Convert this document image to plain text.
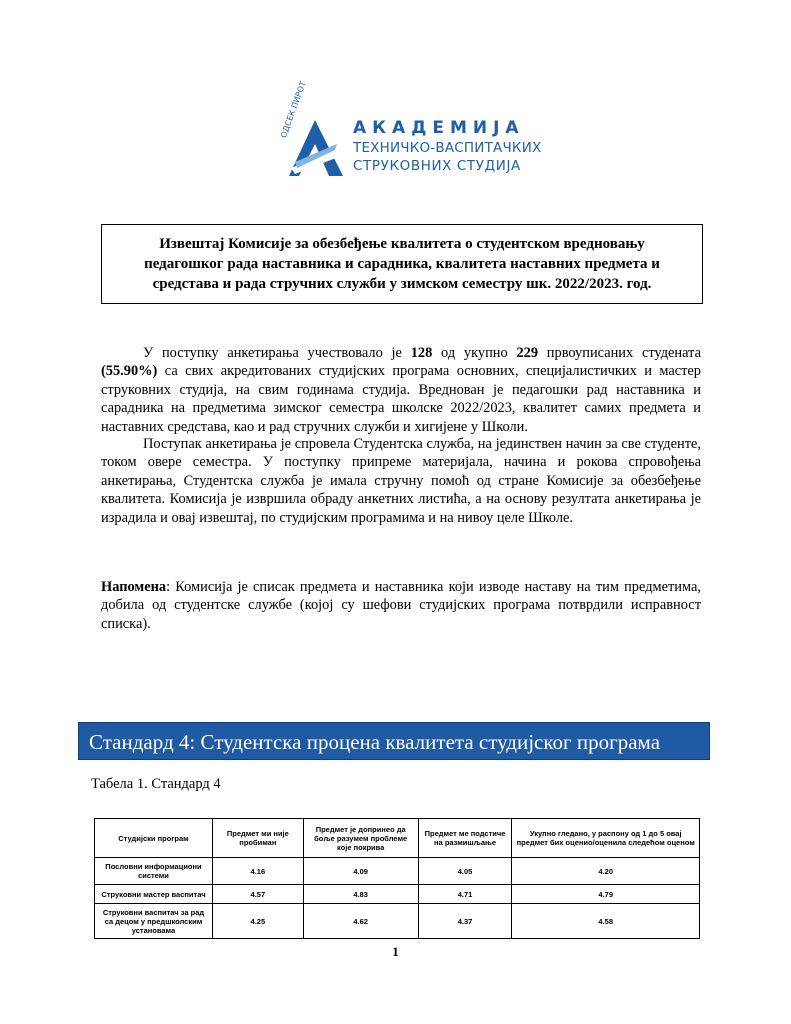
ОДСЕК ПИРОТ	АКАДЕМИЈА
ТЕХНИЧКО-ВАСПИТАЧКИХ
СТРУКОВНИХ СТУДИЈА
Извештај Комисије за обезбеђење квалитета о студентском вредновању педагошког рада наставника и сарадника, квалитета наставних предмета и средстава и рада стручних служби у зимском семестру шк. 2022/2023. год.
У поступку анкетирања учествовало је 128 од укупно 229 првоуписаних студената (55.90%) са свих акредитованих студијских програма основних, специјалистичких и мастер струковних студија, на свим годинама студија. Вреднован је педагошки рад наставника и сарадника на предметима зимског семестра школске 2022/2023, квалитет самих предмета и наставних средстава, као и рад стручних служби и хигијене у Школи.
Поступак анкетирања је спровела Студентска служба, на јединствен начин за све студенте, током овере семестра. У поступку припреме материјала, начина и рокова спровођења анкетирања, Студентска служба је имала стручну помоћ од стране Комисије за обезбеђење квалитета. Комисија је извршила обраду анкетних листића, а на основу резултата анкетирања је израдила и овај извештај, по студијским програмима и на нивоу целе Школе.
Напомена: Комисија је списак предмета и наставника који изводе наставу на тим предметима, добила од студентске службе (којој су шефови студијских програма потврдили исправност списка).
Стандард 4: Студентска процена квалитета студијског програма
Табела 1. Стандард 4
Студијски програм	Предмет ми није пробиман	Предмет је допринео да боље разумем проблеме које покрива	Предмет ме подстиче на размишљање	Укупно гледано, у распону од 1 до 5 овај предмет бих оценио/оценила следећом оценом
Пословни информациони системи	4.16	4.09	4.05	4.20
Струковни мастер васпитач	4.57	4.83	4.71	4.79
Струковни васпитач за рад са децом у предшколским установама	4.25	4.62	4.37	4.58
1
